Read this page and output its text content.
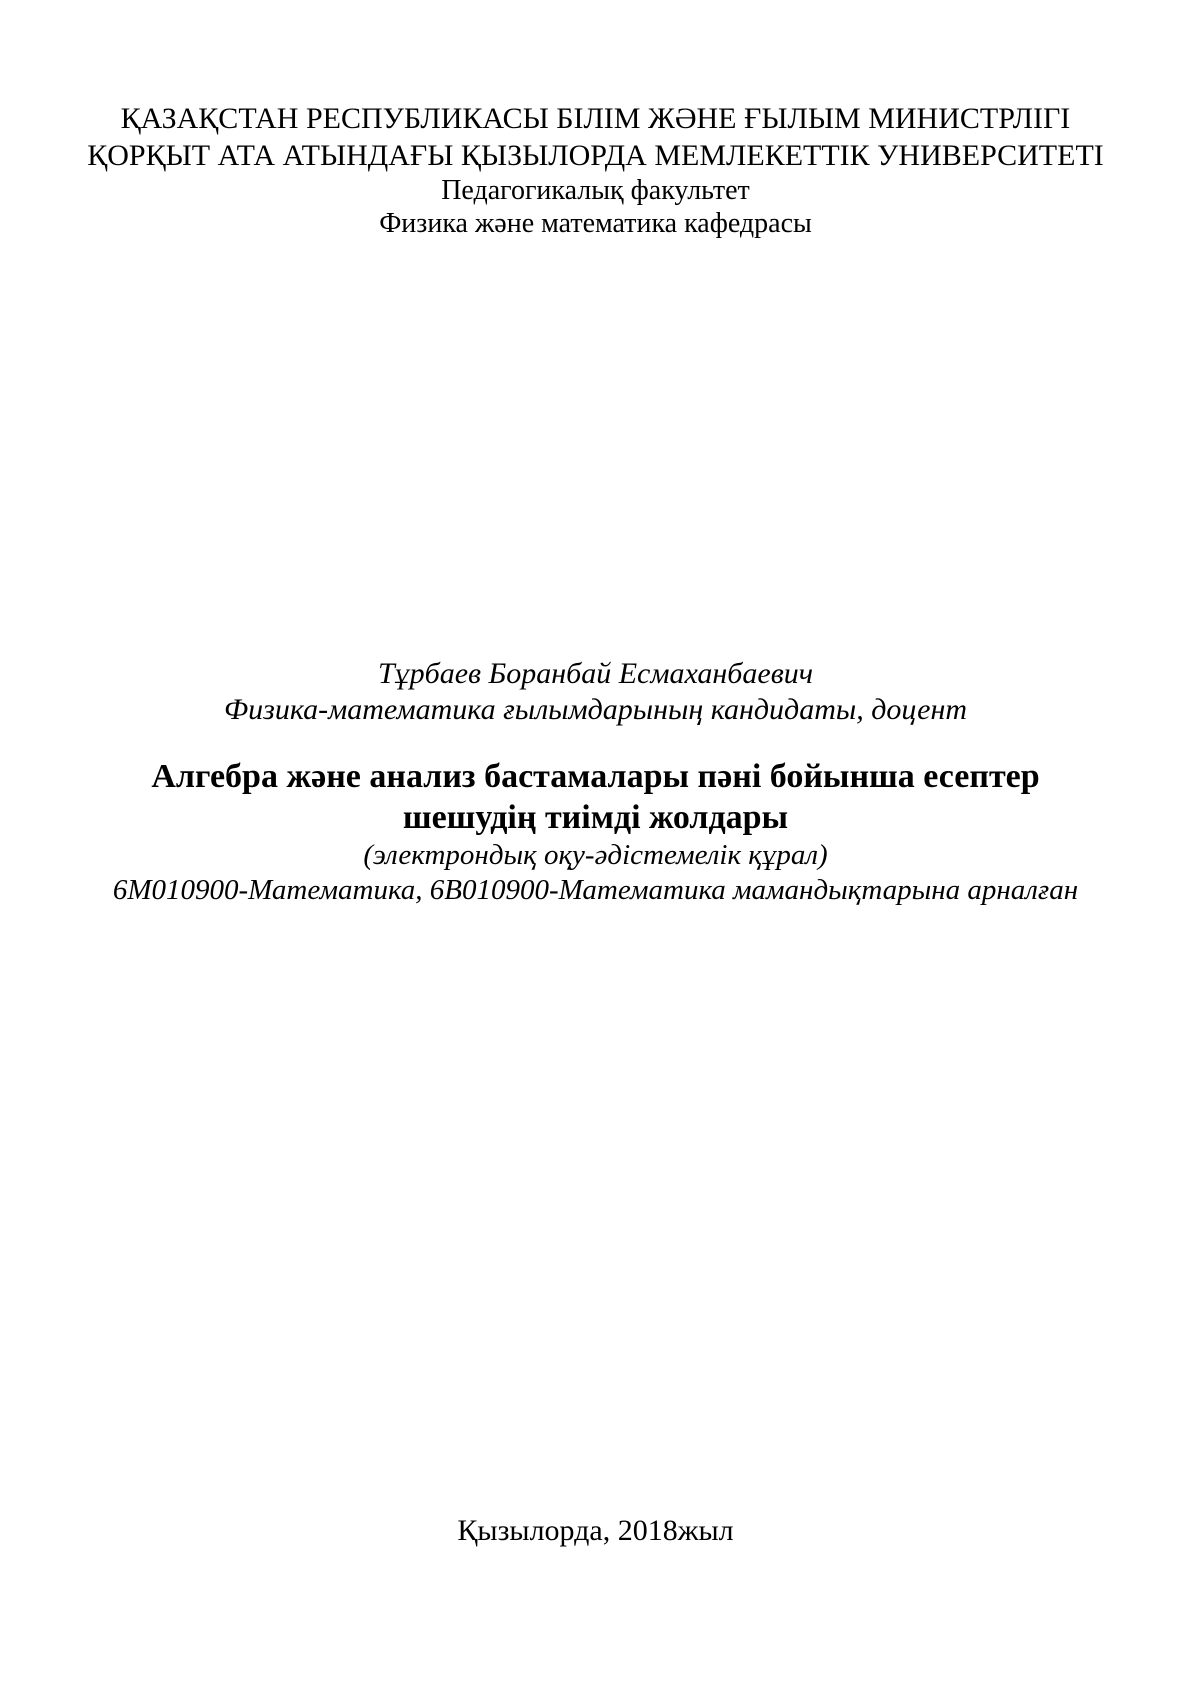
ҚАЗАҚСТАН РЕСПУБЛИКАСЫ БІЛІМ ЖӘНЕ ҒЫЛЫМ МИНИСТРЛІГІ
ҚОРҚЫТ АТА АТЫНДАҒЫ ҚЫЗЫЛОРДА МЕМЛЕКЕТТІК УНИВЕРСИТЕТІ
Педагогикалық факультет
Физика және математика кафедрасы
Тұрбаев Боранбай Есмаханбаевич
Физика-математика ғылымдарының кандидаты, доцент
Алгебра және анализ бастамалары пәні бойынша есептер
шешудің тиімді жолдары
(электрондық оқу-әдістемелік құрал)
6М010900-Математика, 6В010900-Математика мамандықтарына арналған
Қызылорда, 2018жыл
